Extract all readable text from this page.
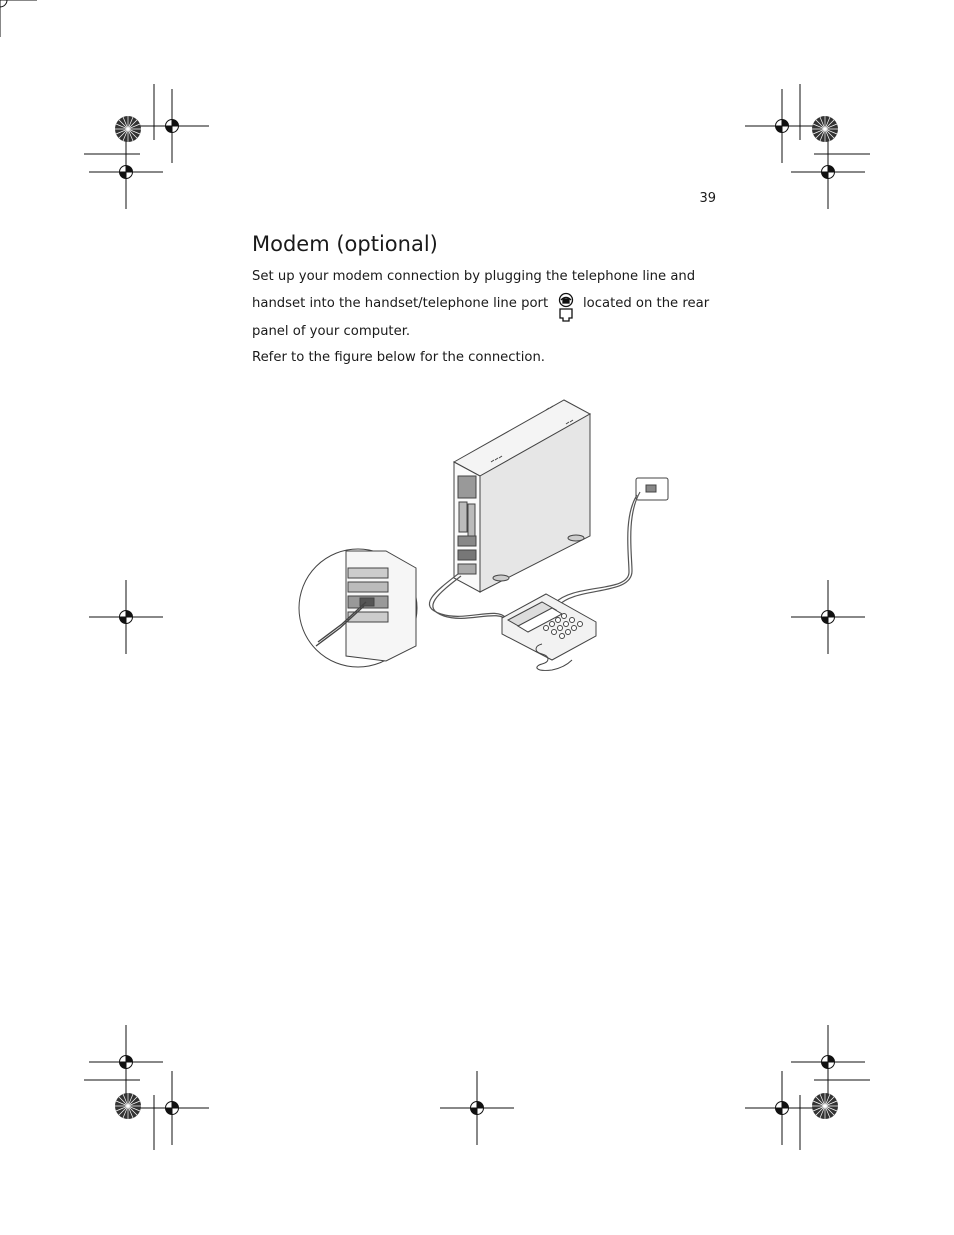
39
Modem (optional)

Set up your modem connection by plugging the telephone line and

handset into the handset/telephone line port	located on the rear

panel of your computer.

Refer to the figure below for the connection.
